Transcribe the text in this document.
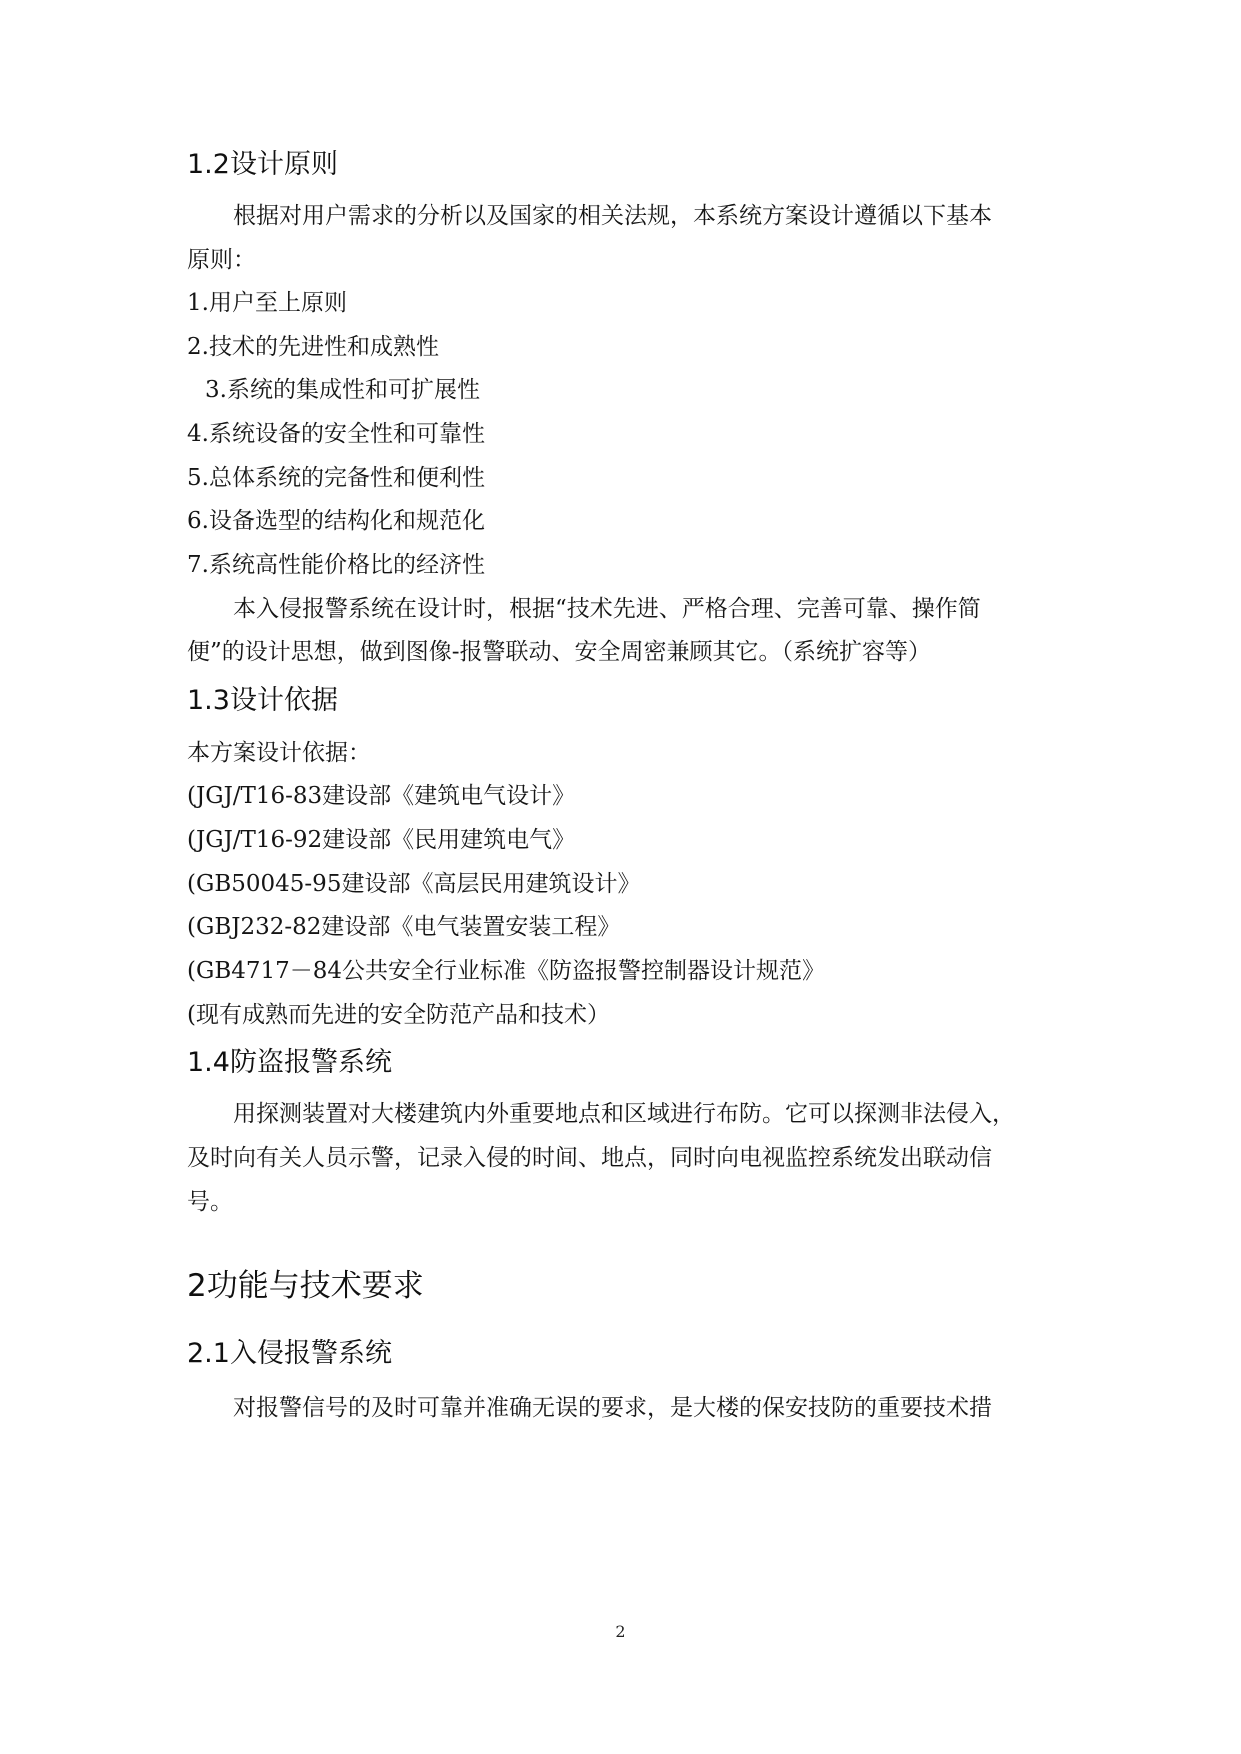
1.2设计原则
根据对用户需求的分析以及国家的相关法规，本系统方案设计遵循以下基本
原则：
1.用户至上原则
2.技术的先进性和成熟性
3.系统的集成性和可扩展性
4.系统设备的安全性和可靠性
5.总体系统的完备性和便利性
6.设备选型的结构化和规范化
7.系统高性能价格比的经济性
本入侵报警系统在设计时，根据“技术先进、严格合理、完善可靠、操作简
便”的设计思想，做到图像-报警联动、安全周密兼顾其它。（系统扩容等）
1.3设计依据
本方案设计依据：
(JGJ/T16-83建设部《建筑电气设计》
(JGJ/T16-92建设部《民用建筑电气》
(GB50045-95建设部《高层民用建筑设计》
(GBJ232-82建设部《电气装置安装工程》
(GB4717－84公共安全行业标准《防盗报警控制器设计规范》
(现有成熟而先进的安全防范产品和技术）
1.4防盗报警系统
用探测装置对大楼建筑内外重要地点和区域进行布防。它可以探测非法侵入，
及时向有关人员示警，记录入侵的时间、地点，同时向电视监控系统发出联动信
号。
2功能与技术要求
2.1入侵报警系统
对报警信号的及时可靠并准确无误的要求，是大楼的保安技防的重要技术措
2
